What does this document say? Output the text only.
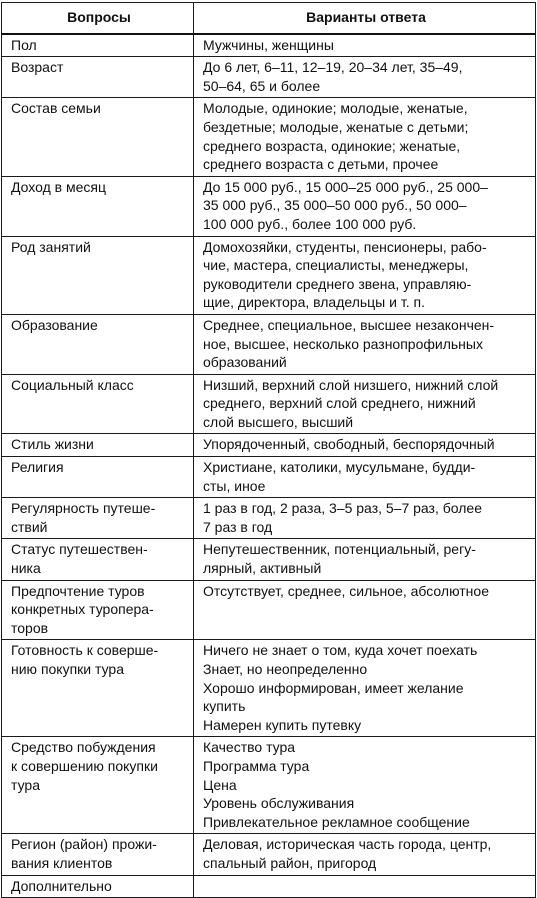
Вопросы	Варианты ответа

Пол	Мужчины, женщины

Возраст	До 6 лет, 6–11, 12–19, 20–34 лет, 35–49,
50–64, 65 и более

Состав семьи	Молодые, одинокие; молодые, женатые,
бездетные; молодые, женатые с детьми;
среднего возраста, одинокие; женатые,
среднего возраста с детьми, прочее

Доход в месяц	До 15 000 руб., 15 000–25 000 руб., 25 000–
35 000 руб., 35 000–50 000 руб., 50 000–
100 000 руб., более 100 000 руб.

Род занятий	Домохозяйки, студенты, пенсионеры, рабо-
чие, мастера, специалисты, менеджеры,
руководители среднего звена, управляю-
щие, директора, владельцы и т. п.

Образование	Среднее, специальное, высшее незакончен-
ное, высшее, несколько разнопрофильных
образований

Социальный класс	Низший, верхний слой низшего, нижний слой
среднего, верхний слой среднего, нижний
слой высшего, высший

Стиль жизни	Упорядоченный, свободный, беспорядочный

Религия	Христиане, католики, мусульмане, будди-
сты, иное

Регулярность путеше-
ствий	1 раз в год, 2 раза, 3–5 раз, 5–7 раз, более
7 раз в год

Статус путешествен-
ника	Непутешественник, потенциальный, регу-
лярный, активный

Предпочтение туров
конкретных туропера-
торов	Отсутствует, среднее, сильное, абсолютное

Готовность к соверше-
нию покупки тура	Ничего не знает о том, куда хочет поехать
Знает, но неопределенно
Хорошо информирован, имеет желание
купить
Намерен купить путевку

Средство побуждения
к совершению покупки
тура	Качество тура
Программа тура
Цена
Уровень обслуживания
Привлекательное рекламное сообщение

Регион (район) прожи-
вания клиентов	Деловая, историческая часть города, центр,
спальный район, пригород

Дополнительно	
